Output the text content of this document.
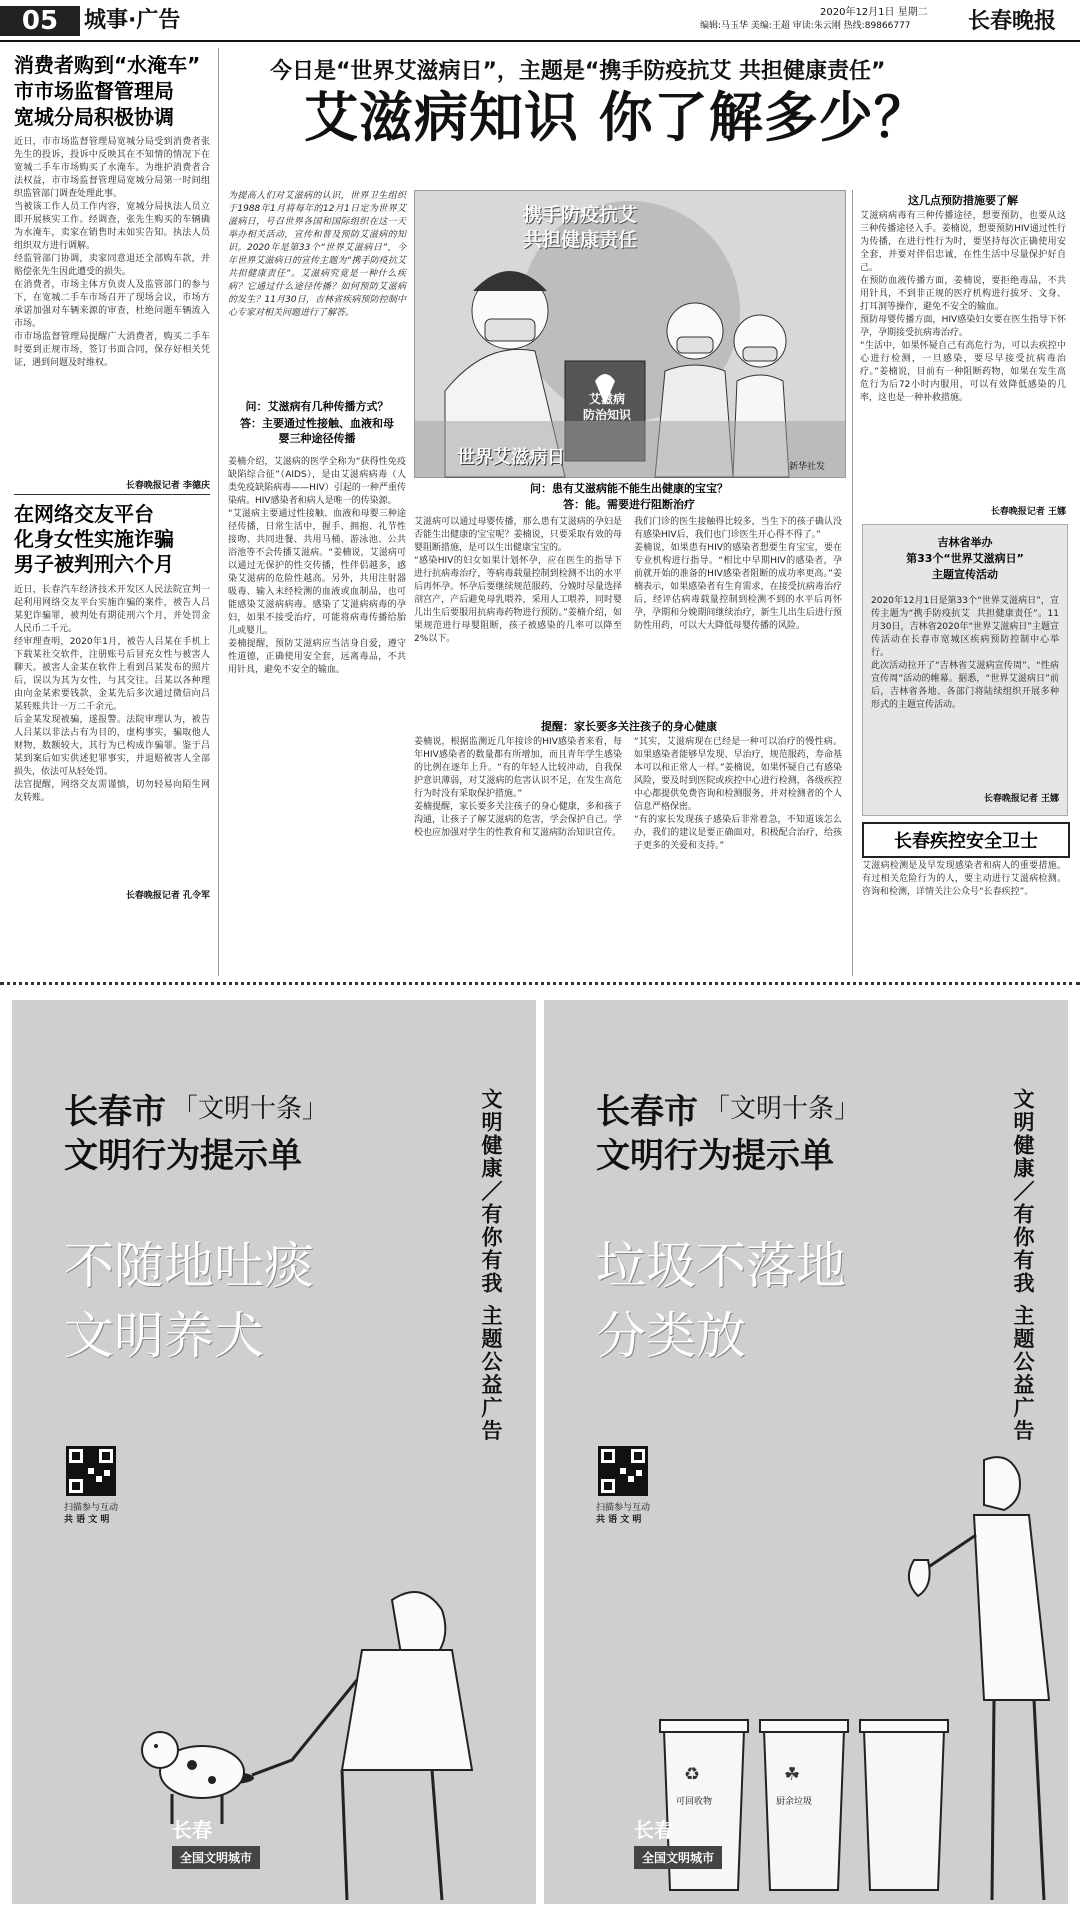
05	城事·广告	2020年12月1日 星期二
编辑:马玉华 美编:王超 审读:朱云刚 热线:89866777	长春晚报
消费者购到“水淹车”
市市场监督管理局
宽城分局积极协调
近日，市市场监督管理局宽城分局受到消费者张先生的投诉，投诉中反映其在不知情的情况下在宽城二手车市场购买了水淹车。为维护消费者合法权益，市市场监督管理局宽城分局第一时间组织监管部门调查处理此事。
当被该工作人员工作内容，宽城分局执法人员立即开展核实工作。经调查，张先生购买的车辆确为水淹车，卖家在销售时未如实告知。执法人员组织双方进行调解。
经监管部门协调，卖家同意退还全部购车款，并赔偿张先生因此遭受的损失。
在消费者，市场主体方负责人及监管部门的参与下，在宽城二手车市场召开了现场会议，市场方承诺加强对车辆来源的审查，杜绝问题车辆流入市场。
市市场监督管理局提醒广大消费者，购买二手车时要到正规市场，签订书面合同，保存好相关凭证，遇到问题及时维权。
长春晚报记者 李德庆
在网络交友平台
化身女性实施诈骗
男子被判刑六个月
近日，长春汽车经济技术开发区人民法院宣判一起利用网络交友平台实施诈骗的案件，被告人吕某犯诈骗罪，被判处有期徒刑六个月，并处罚金人民币二千元。
经审理查明，2020年1月，被告人吕某在手机上下载某社交软件，注册账号后冒充女性与被害人聊天。被害人金某在软件上看到吕某发布的照片后，误以为其为女性，与其交往。吕某以各种理由向金某索要钱款，金某先后多次通过微信向吕某转账共计一万二千余元。
后金某发现被骗，遂报警。法院审理认为，被告人吕某以非法占有为目的，虚构事实，骗取他人财物，数额较大，其行为已构成诈骗罪。鉴于吕某到案后如实供述犯罪事实，并退赔被害人全部损失，依法可从轻处罚。
法官提醒，网络交友需谨慎，切勿轻易向陌生网友转账。
长春晚报记者 孔令军
今日是“世界艾滋病日”，主题是“携手防疫抗艾 共担健康责任”
艾滋病知识 你了解多少？
为提高人们对艾滋病的认识，世界卫生组织于1988年1月将每年的12月1日定为世界艾滋病日，号召世界各国和国际组织在这一天举办相关活动，宣传和普及预防艾滋病的知识。2020年是第33个“世界艾滋病日”，今年世界艾滋病日的宣传主题为“携手防疫抗艾  共担健康责任”。艾滋病究竟是一种什么疾病？它通过什么途径传播？如何预防艾滋病的发生？11月30日，吉林省疾病预防控制中心专家对相关问题进行了解答。
问：艾滋病有几种传播方式？
答：主要通过性接触、血液和母婴三种途径传播
姜楠介绍，艾滋病的医学全称为“获得性免疫缺陷综合征”（AIDS），是由艾滋病病毒（人类免疫缺陷病毒——HIV）引起的一种严重传染病。HIV感染者和病人是唯一的传染源。
“艾滋病主要通过性接触、血液和母婴三种途径传播，日常生活中，握手、拥抱、礼节性接吻、共同进餐、共用马桶、游泳池、公共浴池等不会传播艾滋病。“姜楠说，艾滋病可以通过无保护的性交传播，性伴侣越多，感染艾滋病的危险性越高。另外，共用注射器吸毒、输入未经检测的血液或血制品，也可能感染艾滋病病毒。感染了艾滋病病毒的孕妇，如果不接受治疗，可能将病毒传播给胎儿或婴儿。
姜楠提醒，预防艾滋病应当洁身自爱，遵守性道德，正确使用安全套，远离毒品，不共用针具，避免不安全的输血。
携手防疫抗艾
共担健康责任
艾滋病
防治知识
世界艾滋病日	新华社发
问：患有艾滋病能不能生出健康的宝宝？
答：能。需要进行阻断治疗
艾滋病可以通过母婴传播，那么患有艾滋病的孕妇是否能生出健康的宝宝呢？姜楠说，只要采取有效的母婴阻断措施，是可以生出健康宝宝的。
“感染HIV的妇女如果计划怀孕，应在医生的指导下进行抗病毒治疗，等病毒载量控制到检测不出的水平后再怀孕。怀孕后要继续规范服药，分娩时尽量选择剖宫产，产后避免母乳喂养，采用人工喂养，同时婴儿出生后要服用抗病毒药物进行预防。”姜楠介绍，如果规范进行母婴阻断，孩子被感染的几率可以降至2%以下。
我们门诊的医生接触得比较多，当生下的孩子确认没有感染HIV后，我们也门诊医生开心得不得了。”
姜楠说，如果患有HIV的感染者想要生育宝宝，要在专业机构进行指导。“相比中早期HIV的感染者，孕前就开始的准备的HIV感染者阻断的成功率更高。”姜楠表示，如果感染者有生育需求，在接受抗病毒治疗后，经评估病毒载量控制到检测不到的水平后再怀孕，孕期和分娩期间继续治疗，新生儿出生后进行预防性用药，可以大大降低母婴传播的风险。
提醒：家长要多关注孩子的身心健康
姜楠说，根据监测近几年接诊的HIV感染者来看，每年HIV感染者的数量都有所增加，而且青年学生感染的比例在逐年上升。“有的年轻人比较冲动，自我保护意识薄弱，对艾滋病的危害认识不足，在发生高危行为时没有采取保护措施。”
姜楠提醒，家长要多关注孩子的身心健康，多和孩子沟通，让孩子了解艾滋病的危害，学会保护自己。学校也应加强对学生的性教育和艾滋病防治知识宣传。
“其实，艾滋病现在已经是一种可以治疗的慢性病。如果感染者能够早发现、早治疗，规范服药，寿命基本可以和正常人一样。”姜楠说，如果怀疑自己有感染风险，要及时到医院或疾控中心进行检测，各级疾控中心都提供免费咨询和检测服务，并对检测者的个人信息严格保密。
“有的家长发现孩子感染后非常着急，不知道该怎么办，我们的建议是要正确面对，积极配合治疗，给孩子更多的关爱和支持。”
这几点预防措施要了解
艾滋病病毒有三种传播途径，想要预防，也要从这三种传播途径入手。姜楠说，想要预防HIV通过性行为传播，在进行性行为时，要坚持每次正确使用安全套，并要对伴侣忠诚，在性生活中尽量保护好自己。
在预防血液传播方面，姜楠说，要拒绝毒品，不共用针具，不到非正规的医疗机构进行拔牙、文身、打耳洞等操作，避免不安全的输血。
预防母婴传播方面，HIV感染妇女要在医生指导下怀孕，孕期接受抗病毒治疗。
“生活中，如果怀疑自己有高危行为，可以去疾控中心进行检测，一旦感染，要尽早接受抗病毒治疗。”姜楠说，目前有一种阻断药物，如果在发生高危行为后72小时内服用，可以有效降低感染的几率，这也是一种补救措施。
长春晚报记者 王娜
吉林省举办
第33个“世界艾滋病日”
主题宣传活动
2020年12月1日是第33个“世界艾滋病日”，宣传主题为“携手防疫抗艾  共担健康责任”。11月30日，吉林省2020年“世界艾滋病日”主题宣传活动在长春市宽城区疾病预防控制中心举行。
此次活动拉开了“吉林省艾滋病宣传周”、“性病宣传周”活动的帷幕。据悉，“世界艾滋病日”前后，吉林省各地、各部门将陆续组织开展多种形式的主题宣传活动。
长春晚报记者 王娜
长春疾控安全卫士
艾滋病检测是及早发现感染者和病人的重要措施。有过相关危险行为的人，要主动进行艾滋病检测。咨询和检测，详情关注公众号“长春疾控”。
长春市 「文明十条」
文明行为提示单
不随地吐痰
文明养犬	文明健康／有你有我 主题公益广告
扫描参与互动
共 语 文 明
长春
全国文明城市
长春市 「文明十条」
文明行为提示单
垃圾不落地
分类放	文明健康／有你有我 主题公益广告
扫描参与互动
共 语 文 明
♻	☘
可回收物	厨余垃圾
长春
全国文明城市
